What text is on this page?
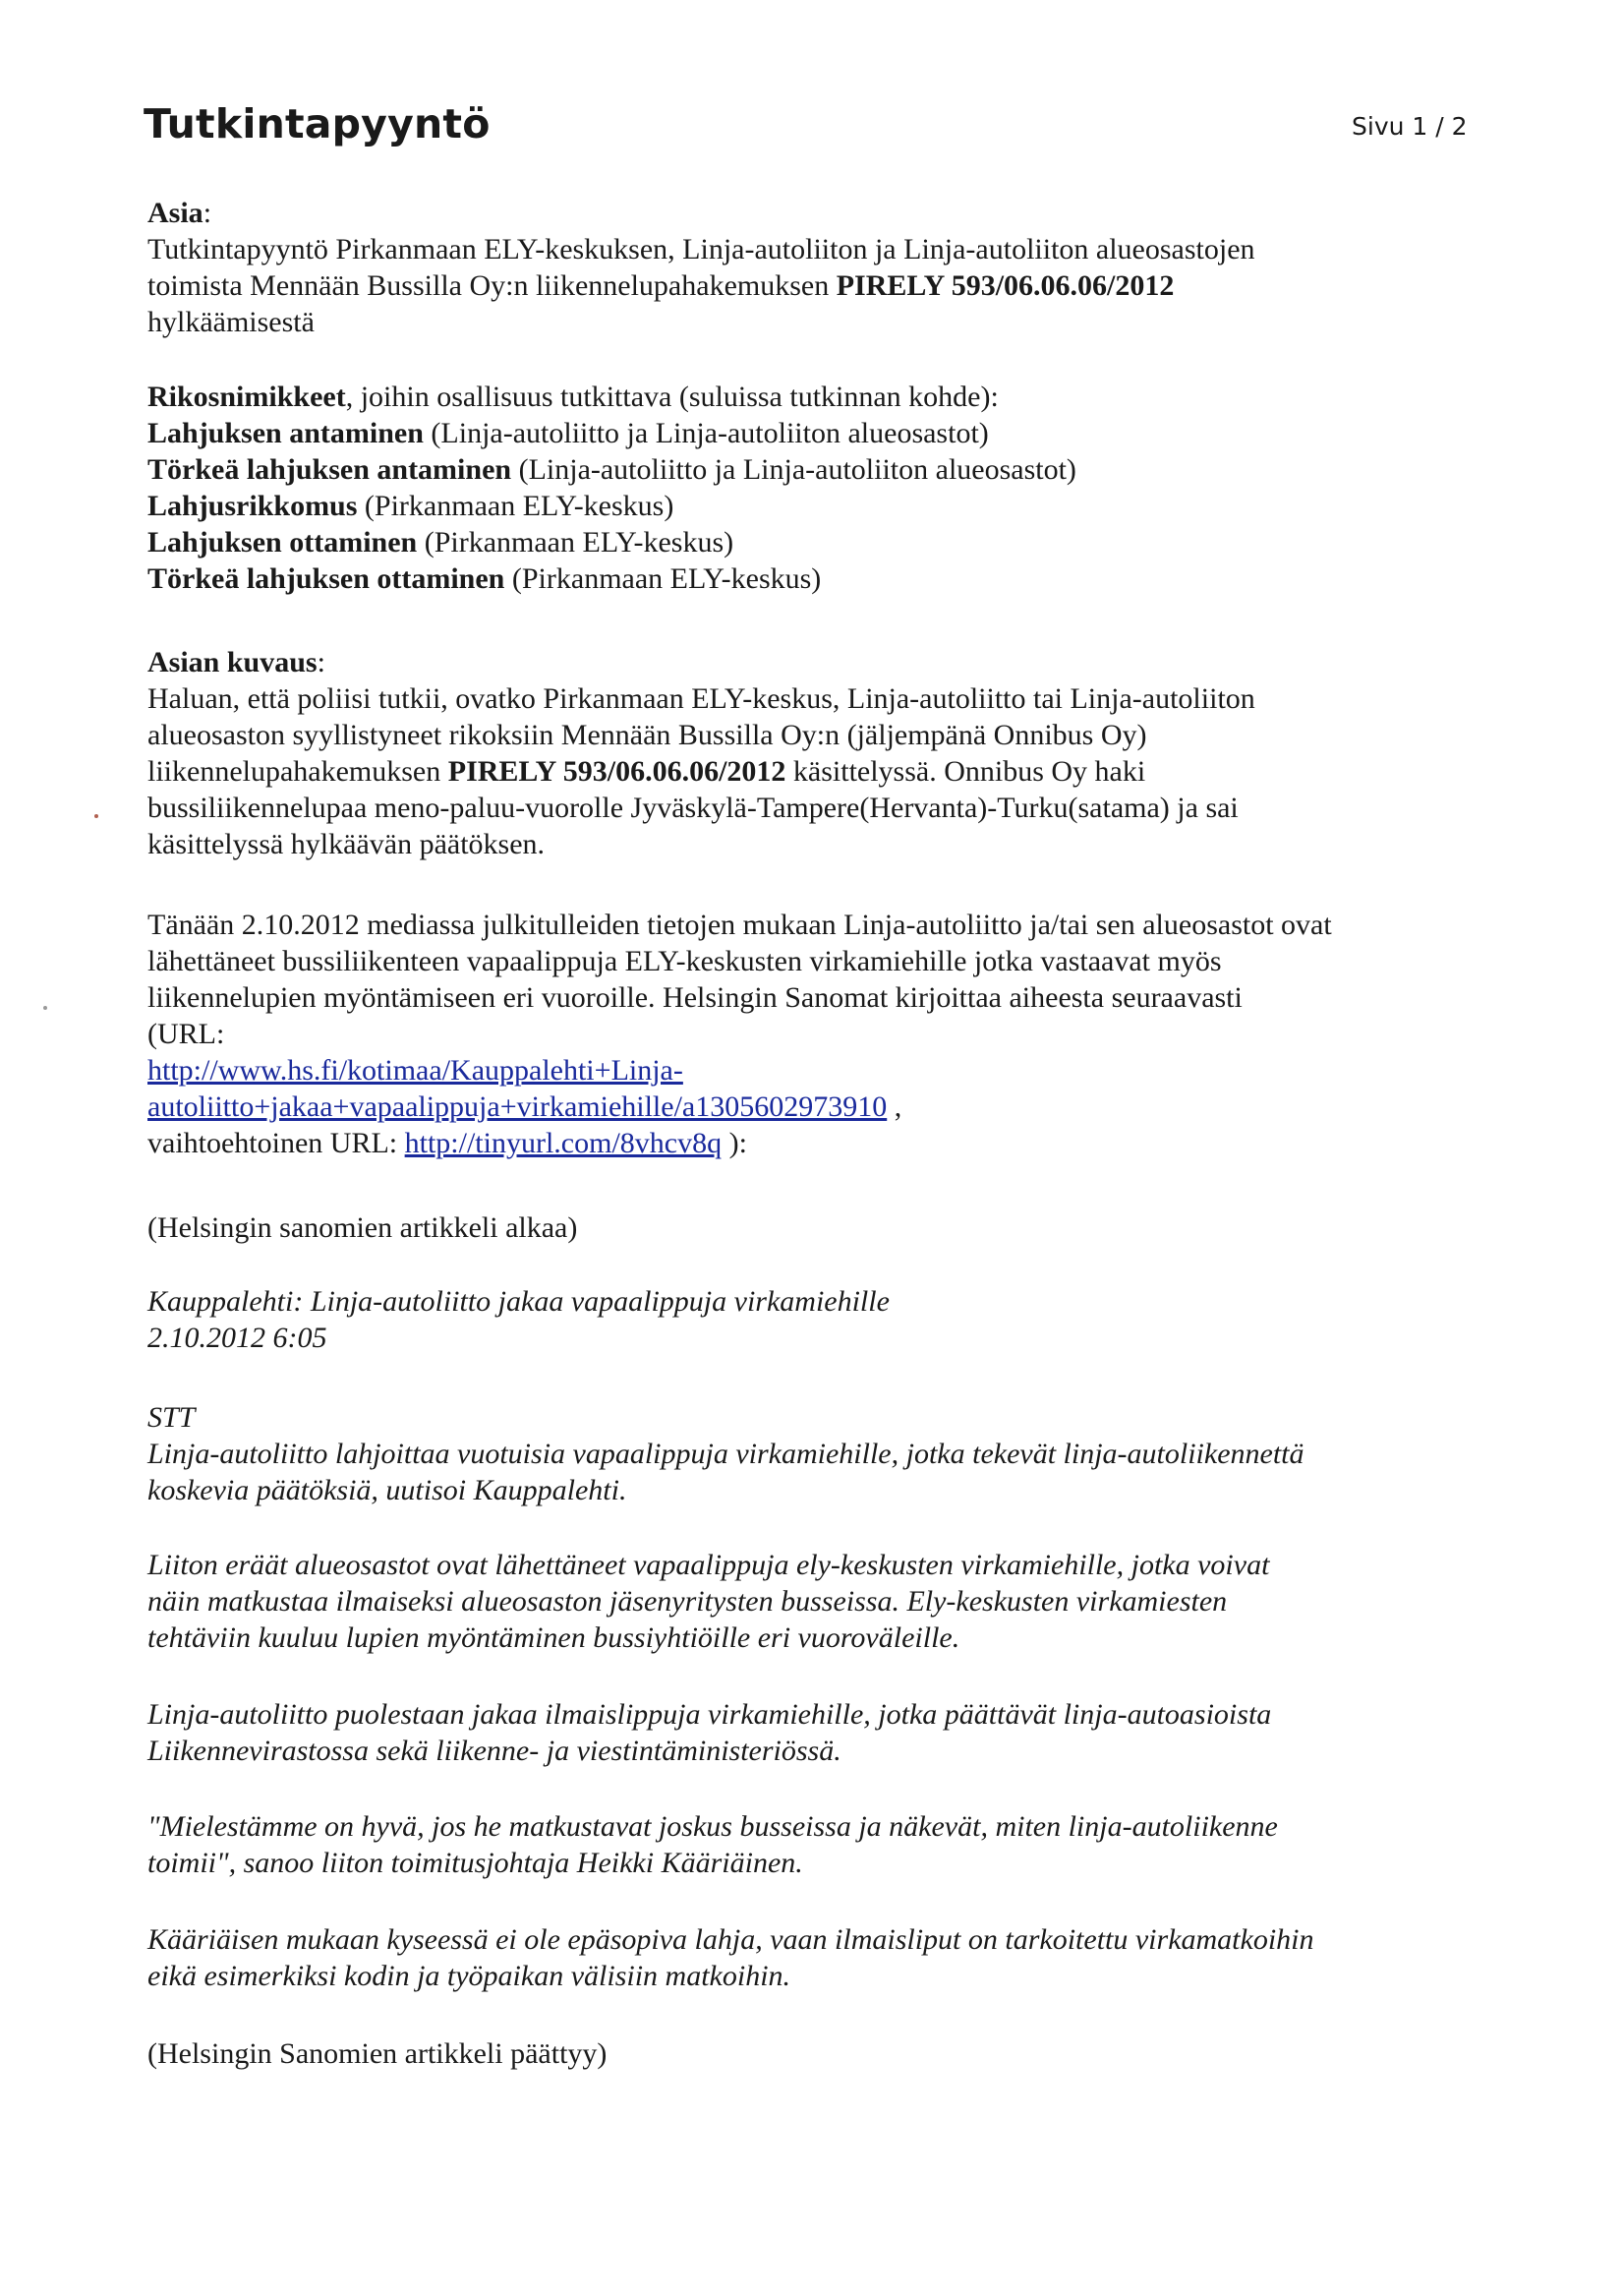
Tutkintapyyntö	Sivu 1 / 2
Asia:
Tutkintapyyntö Pirkanmaan ELY-keskuksen, Linja-autoliiton ja Linja-autoliiton alueosastojen
toimista Mennään Bussilla Oy:n liikennelupahakemuksen PIRELY 593/06.06.06/2012
hylkäämisestä
Rikosnimikkeet, joihin osallisuus tutkittava (suluissa tutkinnan kohde):
Lahjuksen antaminen (Linja-autoliitto ja Linja-autoliiton alueosastot)
Törkeä lahjuksen antaminen (Linja-autoliitto ja Linja-autoliiton alueosastot)
Lahjusrikkomus (Pirkanmaan ELY-keskus)
Lahjuksen ottaminen (Pirkanmaan ELY-keskus)
Törkeä lahjuksen ottaminen (Pirkanmaan ELY-keskus)
Asian kuvaus:
Haluan, että poliisi tutkii, ovatko Pirkanmaan ELY-keskus, Linja-autoliitto tai Linja-autoliiton
alueosaston syyllistyneet rikoksiin Mennään Bussilla Oy:n (jäljempänä Onnibus Oy)
liikennelupahakemuksen PIRELY 593/06.06.06/2012 käsittelyssä. Onnibus Oy haki
bussiliikennelupaa meno-paluu-vuorolle Jyväskylä-Tampere(Hervanta)-Turku(satama) ja sai
käsittelyssä hylkäävän päätöksen.
Tänään 2.10.2012 mediassa julkitulleiden tietojen mukaan Linja-autoliitto ja/tai sen alueosastot ovat
lähettäneet bussiliikenteen vapaalippuja ELY-keskusten virkamiehille jotka vastaavat myös
liikennelupien myöntämiseen eri vuoroille. Helsingin Sanomat kirjoittaa aiheesta seuraavasti
(URL:
http://www.hs.fi/kotimaa/Kauppalehti+Linja-
autoliitto+jakaa+vapaalippuja+virkamiehille/a1305602973910 ,
vaihtoehtoinen URL: http://tinyurl.com/8vhcv8q ):
(Helsingin sanomien artikkeli alkaa)
Kauppalehti: Linja-autoliitto jakaa vapaalippuja virkamiehille
2.10.2012 6:05
STT
Linja-autoliitto lahjoittaa vuotuisia vapaalippuja virkamiehille, jotka tekevät linja-autoliikennettä
koskevia päätöksiä, uutisoi Kauppalehti.
Liiton eräät alueosastot ovat lähettäneet vapaalippuja ely-keskusten virkamiehille, jotka voivat
näin matkustaa ilmaiseksi alueosaston jäsenyritysten busseissa. Ely-keskusten virkamiesten
tehtäviin kuuluu lupien myöntäminen bussiyhtiöille eri vuoroväleille.
Linja-autoliitto puolestaan jakaa ilmaislippuja virkamiehille, jotka päättävät linja-autoasioista
Liikennevirastossa sekä liikenne- ja viestintäministeriössä.
"Mielestämme on hyvä, jos he matkustavat joskus busseissa ja näkevät, miten linja-autoliikenne
toimii", sanoo liiton toimitusjohtaja Heikki Kääriäinen.
Kääriäisen mukaan kyseessä ei ole epäsopiva lahja, vaan ilmaisliput on tarkoitettu virkamatkoihin
eikä esimerkiksi kodin ja työpaikan välisiin matkoihin.
(Helsingin Sanomien artikkeli päättyy)
